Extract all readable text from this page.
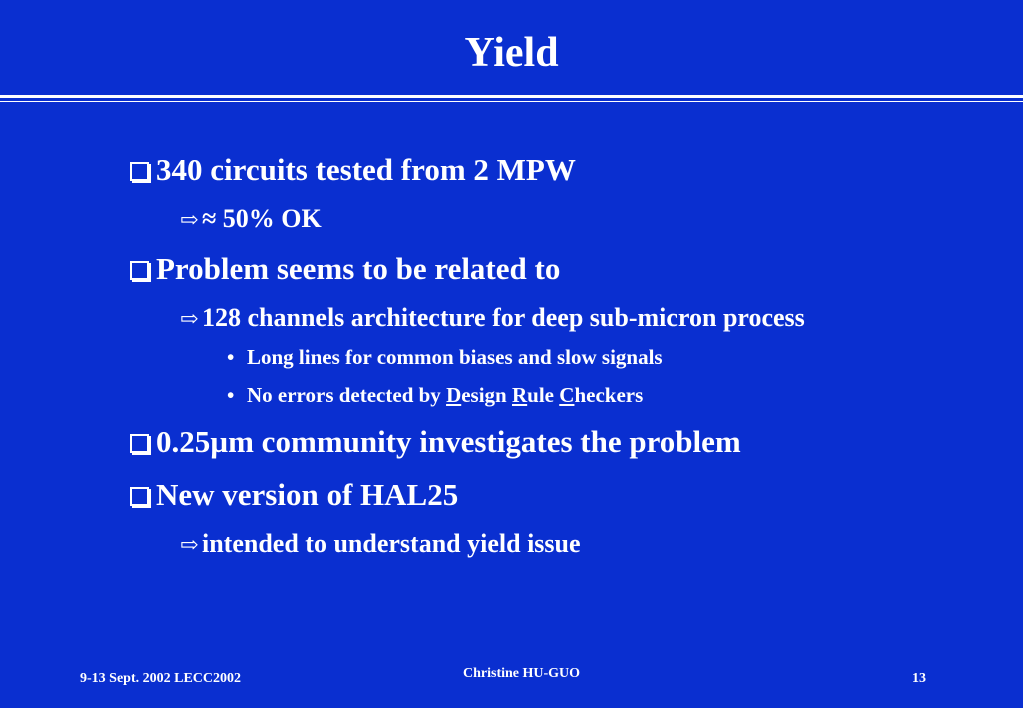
Yield
340 circuits tested from 2 MPW
⇨ ≈ 50% OK
Problem seems to be related to
⇨ 128 channels architecture for deep sub-micron process
• Long lines for common biases and slow signals
• No errors detected by Design Rule Checkers
0.25µm community investigates the problem
New version of HAL25
⇨ intended to understand yield issue
9-13 Sept. 2002 LECC2002	Christine HU-GUO	13
